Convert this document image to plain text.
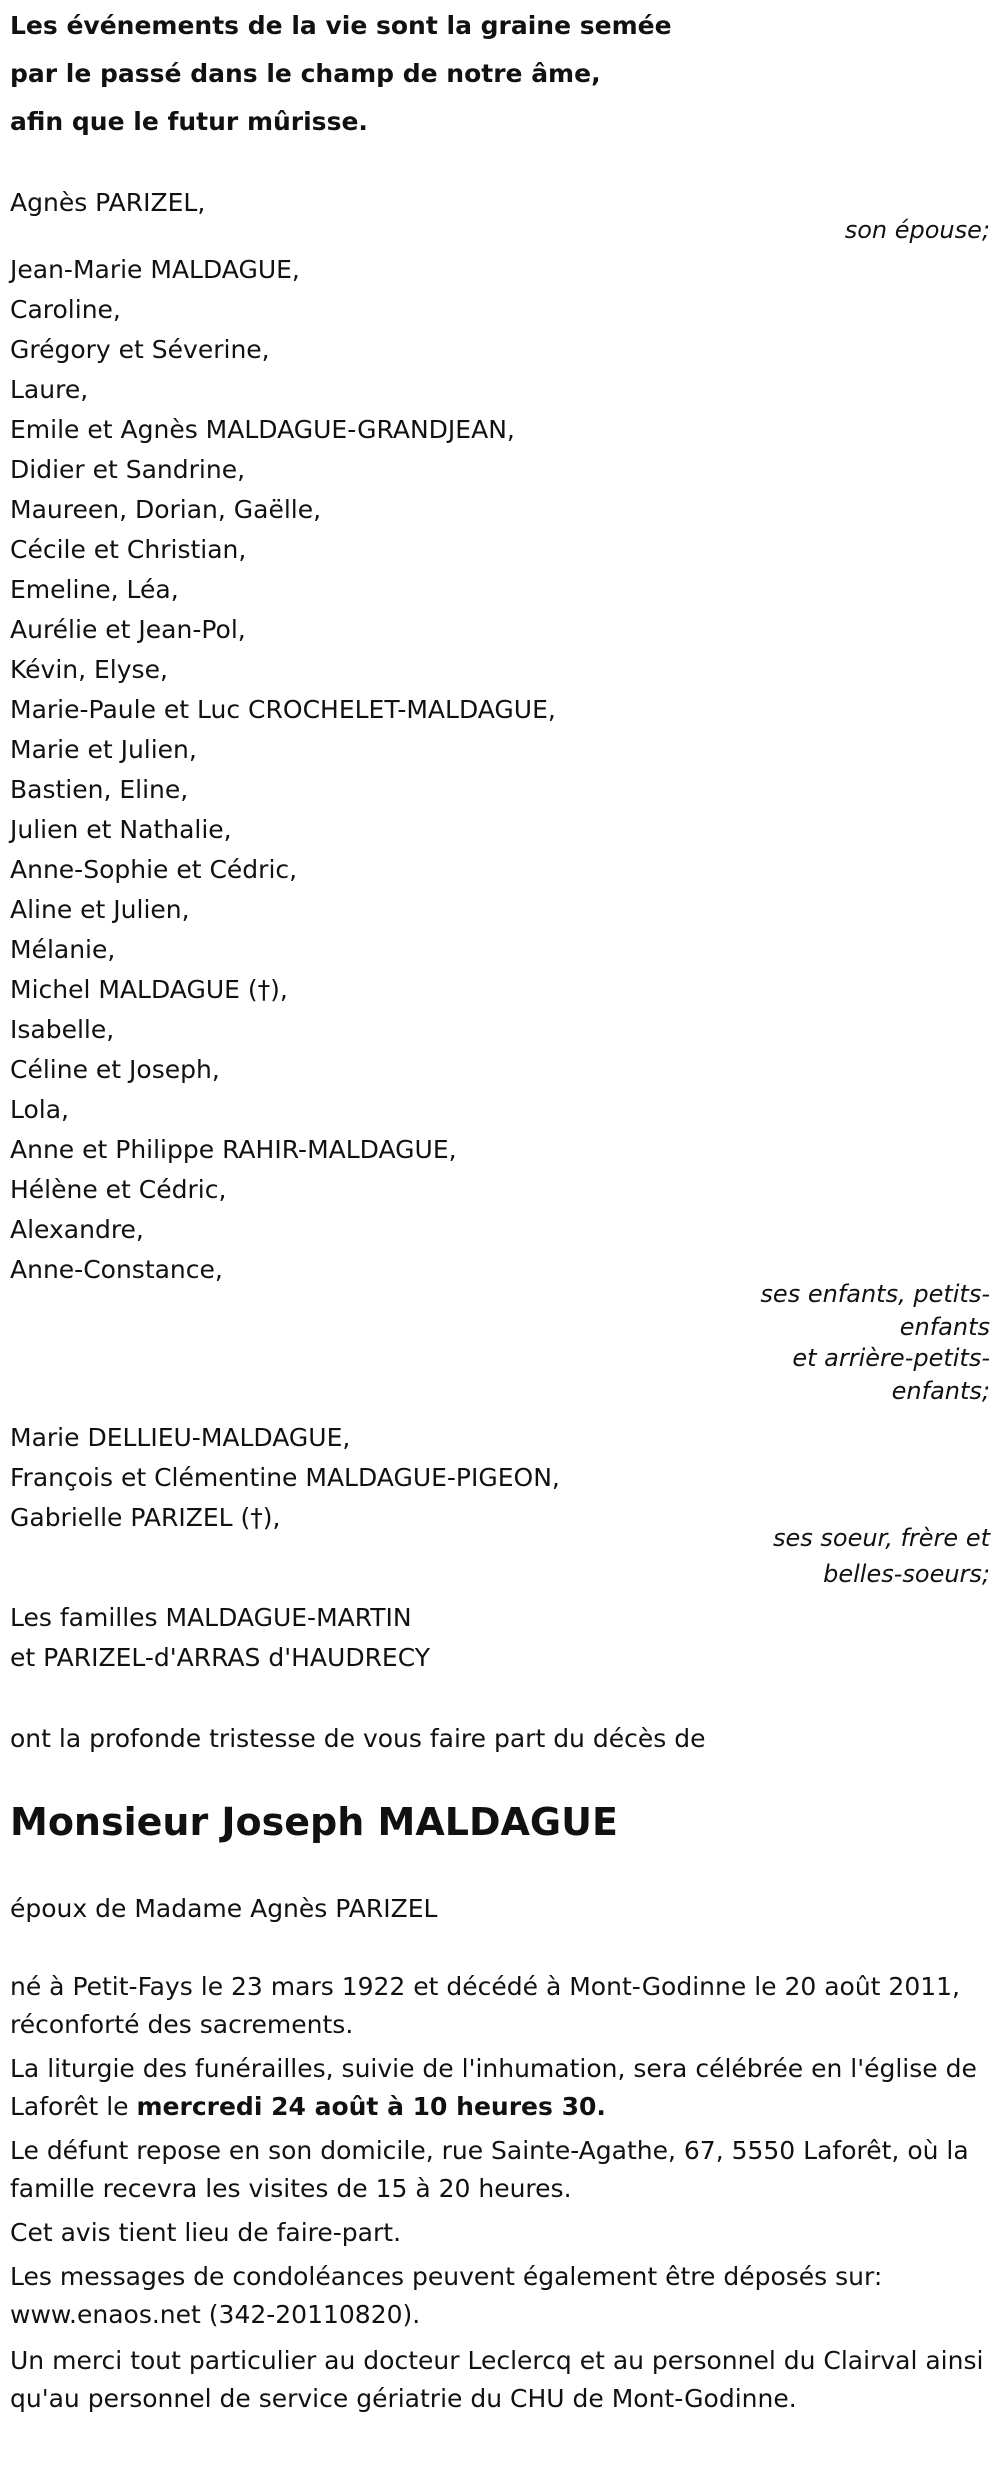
Les événements de la vie sont la graine semée
par le passé dans le champ de notre âme,
afin que le futur mûrisse.
Agnès PARIZEL,
son épouse;
Jean-Marie MALDAGUE,
Caroline,
Grégory et Séverine,
Laure,
Emile et Agnès MALDAGUE-GRANDJEAN,
Didier et Sandrine,
Maureen, Dorian, Gaëlle,
Cécile et Christian,
Emeline, Léa,
Aurélie et Jean-Pol,
Kévin, Elyse,
Marie-Paule et Luc CROCHELET-MALDAGUE,
Marie et Julien,
Bastien, Eline,
Julien et Nathalie,
Anne-Sophie et Cédric,
Aline et Julien,
Mélanie,
Michel MALDAGUE (†),
Isabelle,
Céline et Joseph,
Lola,
Anne et Philippe RAHIR-MALDAGUE,
Hélène et Cédric,
Alexandre,
Anne-Constance,
ses enfants, petits-
enfants
et arrière-petits-
enfants;
Marie DELLIEU-MALDAGUE,
François et Clémentine MALDAGUE-PIGEON,
Gabrielle PARIZEL (†),
ses soeur, frère et
belles-soeurs;
Les familles MALDAGUE-MARTIN
et PARIZEL-d'ARRAS d'HAUDRECY
ont la profonde tristesse de vous faire part du décès de
Monsieur Joseph MALDAGUE
époux de Madame Agnès PARIZEL
né à Petit-Fays le 23 mars 1922 et décédé à Mont-Godinne le 20 août 2011, réconforté des sacrements.
La liturgie des funérailles, suivie de l'inhumation, sera célébrée en l'église de Laforêt le mercredi 24 août à 10 heures 30.
Le défunt repose en son domicile, rue Sainte-Agathe, 67, 5550 Laforêt, où la famille recevra les visites de 15 à 20 heures.
Cet avis tient lieu de faire-part.
Les messages de condoléances peuvent également être déposés sur: www.enaos.net (342-20110820).
Un merci tout particulier au docteur Leclercq et au personnel du Clairval ainsi qu'au personnel de service gériatrie du CHU de Mont-Godinne.
